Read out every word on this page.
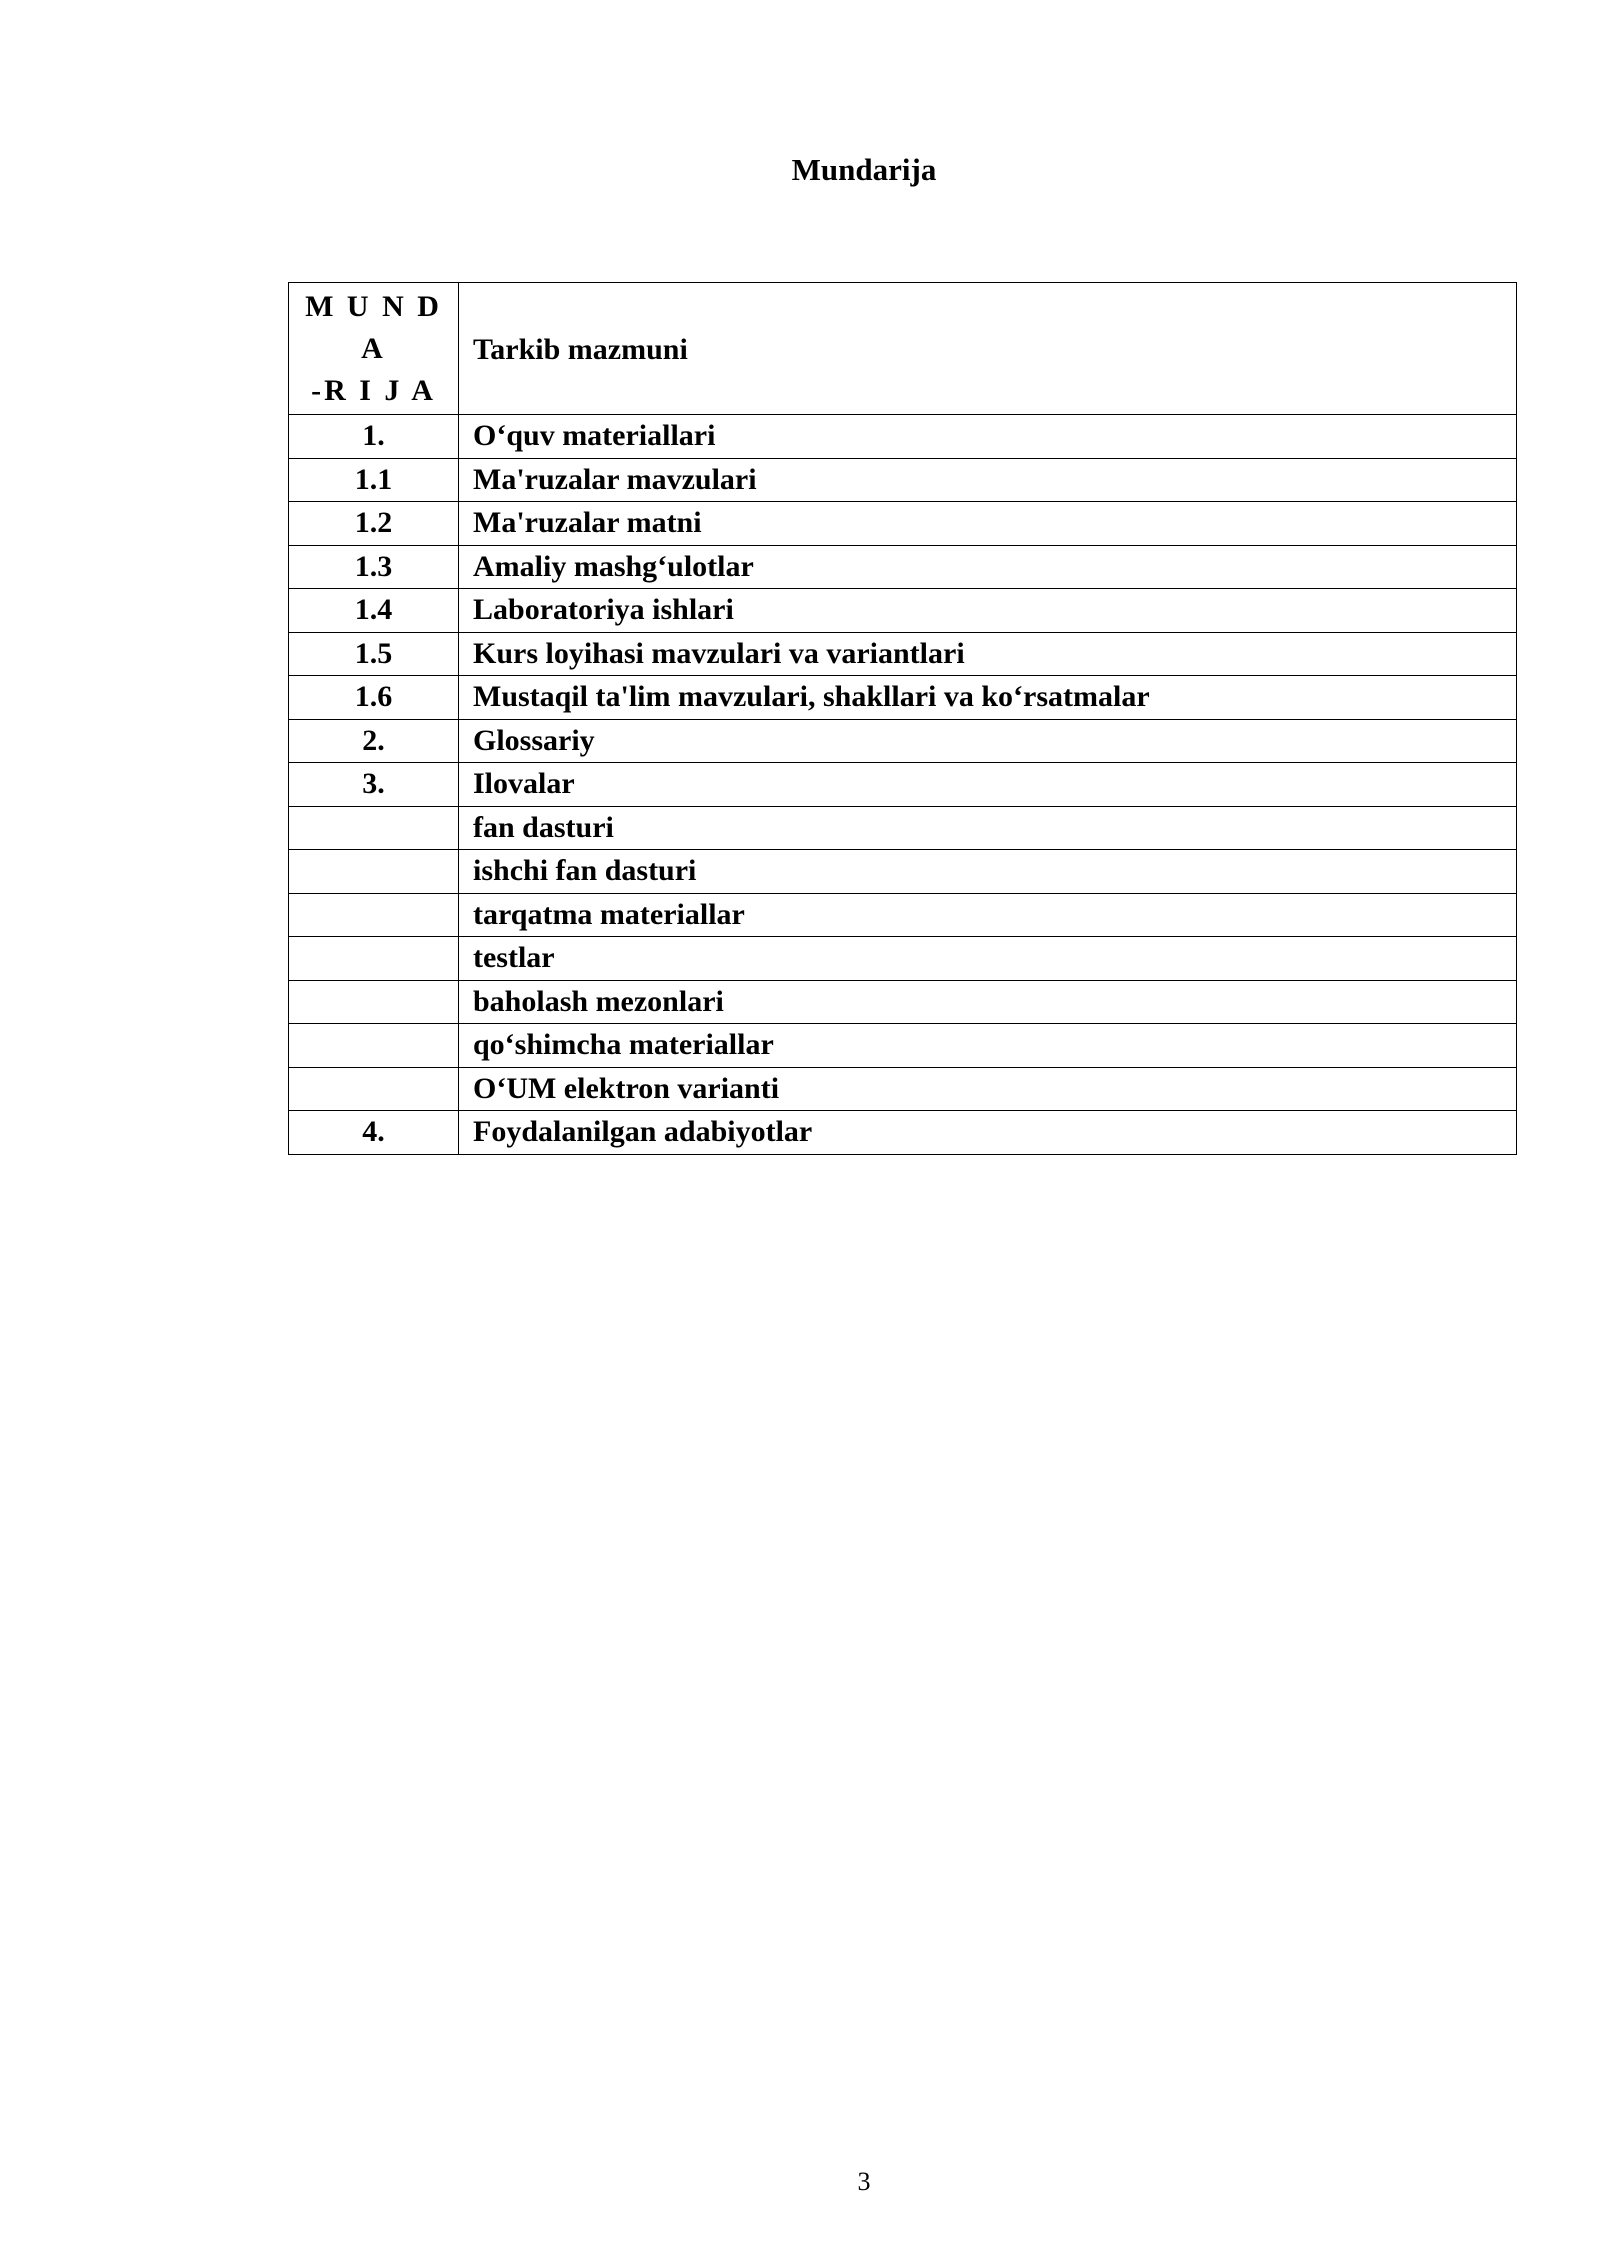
Mundarija
M U N D A
-R I J A	Tarkib mazmuni
1.	O‘quv materiallari
1.1	Ma'ruzalar mavzulari
1.2	Ma'ruzalar matni
1.3	Amaliy mashg‘ulotlar
1.4	Laboratoriya ishlari
1.5	Kurs loyihasi mavzulari va variantlari
1.6	Mustaqil ta'lim mavzulari, shakllari va ko‘rsatmalar
2.	Glossariy
3.	Ilovalar
	fan dasturi
	ishchi fan dasturi
	tarqatma materiallar
	testlar
	baholash mezonlari
	qo‘shimcha materiallar
	O‘UM elektron varianti
4.	Foydalanilgan adabiyotlar
3
